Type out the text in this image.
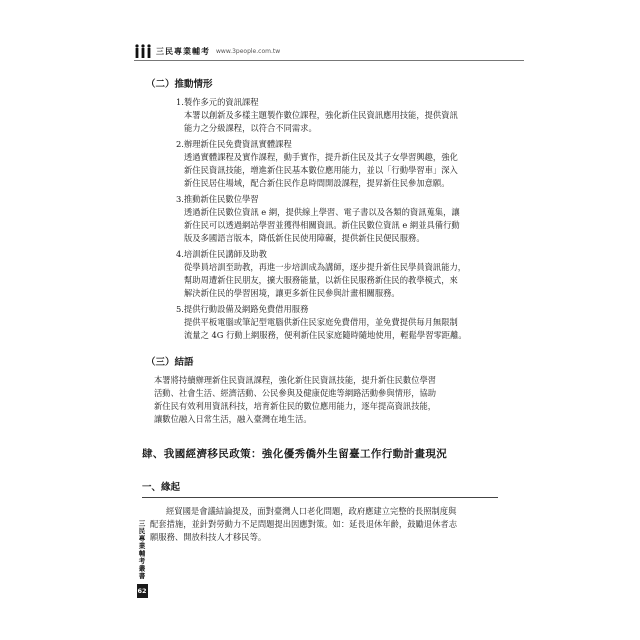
三民專業輔考 www.3people.com.tw

（二）推動情形

1.製作多元的資訊課程

本署以創新及多樣主題製作數位課程，強化新住民資訊應用技能，提供資訊

能力之分級課程，以符合不同需求。

2.辦理新住民免費資訊實體課程

透過實體課程及實作課程，動手實作，提升新住民及其子女學習興趣，強化

新住民資訊技能，增進新住民基本數位應用能力，並以「行動學習車」深入

新住民居住場域，配合新住民作息時間開設課程，提昇新住民參加意願。

3.推動新住民數位學習

透過新住民數位資訊 e 網，提供線上學習、電子書以及各類的資訊蒐集，讓

新住民可以透過網站學習並獲得相關資訊。新住民數位資訊 e 網並具備行動

版及多國語言版本，降低新住民使用障礙，提供新住民便民服務。

4.培訓新住民講師及助教

從學員培訓至助教，再進一步培訓成為講師，逐步提升新住民學員資訊能力，

幫助周遭新住民朋友，擴大服務能量，以新住民服務新住民的教學模式，來

解決新住民的學習困境，讓更多新住民參與計畫相關服務。

5.提供行動設備及網路免費借用服務

提供平板電腦或筆記型電腦供新住民家庭免費借用，並免費提供每月無限制

流量之 4G 行動上網服務，便利新住民家庭隨時隨地使用，輕鬆學習零距離。

（三）結語

本署將持續辦理新住民資訊課程，強化新住民資訊技能，提升新住民數位學習

活動、社會生活、經濟活動、公民參與及健康促進等網路活動參與情形，協助

新住民有效利用資訊科技，培育新住民的數位應用能力，逐年提高資訊技能，

讓數位融入日常生活，融入臺灣在地生活。

肆、我國經濟移民政策：強化優秀僑外生留臺工作行動計畫現況

一、緣起

經貿國是會議結論提及，面對臺灣人口老化問題，政府應建立完整的長照制度與

配套措施，並針對勞動力不足問題提出因應對策。如：延長退休年齡，鼓勵退休者志

願服務、開放科技人才移民等。

三民專業輔考叢書
62
